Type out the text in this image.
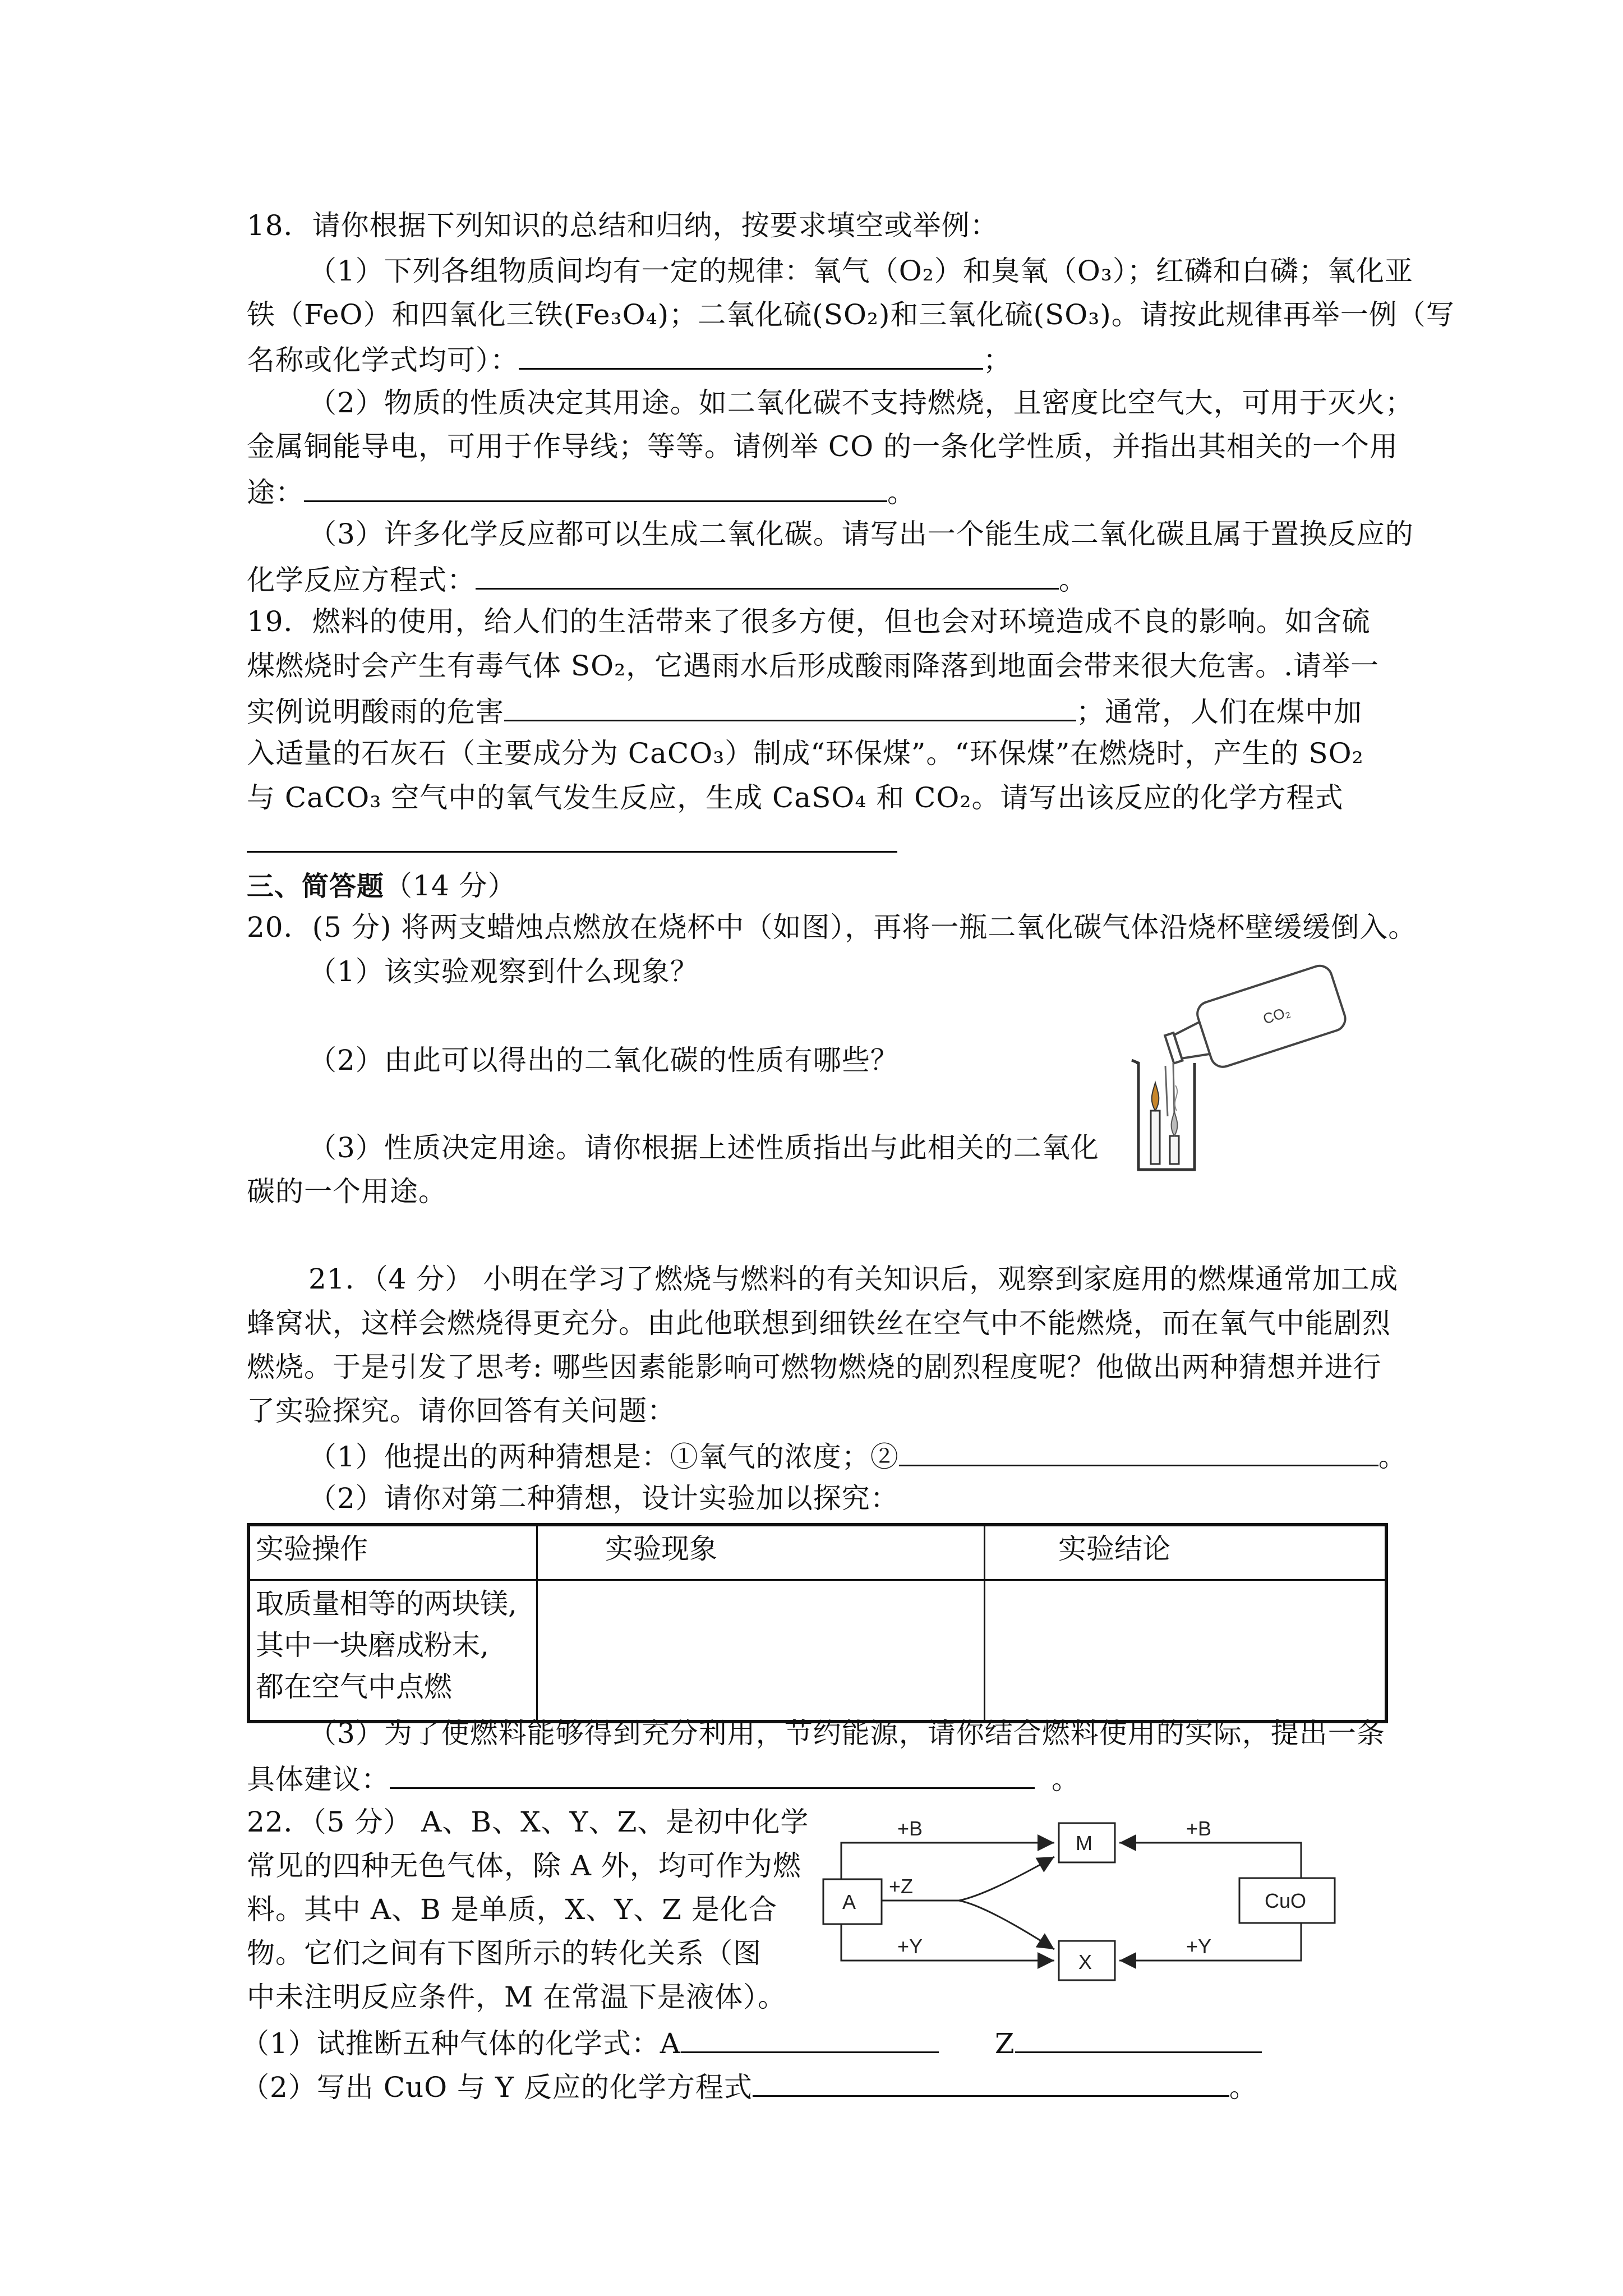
18．请你根据下列知识的总结和归纳，按要求填空或举例：
（1）下列各组物质间均有一定的规律：氧气（O₂）和臭氧（O₃）；红磷和白磷；氧化亚
铁（FeO）和四氧化三铁(Fe₃O₄)；二氧化硫(SO₂)和三氧化硫(SO₃)。请按此规律再举一例（写
名称或化学式均可）：	；
（2）物质的性质决定其用途。如二氧化碳不支持燃烧，且密度比空气大，可用于灭火；
金属铜能导电，可用于作导线；等等。请例举 CO 的一条化学性质，并指出其相关的一个用
途：	。
（3）许多化学反应都可以生成二氧化碳。请写出一个能生成二氧化碳且属于置换反应的
化学反应方程式：	。
19．燃料的使用，给人们的生活带来了很多方便，但也会对环境造成不良的影响。如含硫
煤燃烧时会产生有毒气体 SO₂，它遇雨水后形成酸雨降落到地面会带来很大危害。.请举一
实例说明酸雨的危害	；通常，人们在煤中加
入适量的石灰石（主要成分为 CaCO₃）制成“环保煤”。“环保煤”在燃烧时，产生的 SO₂
与 CaCO₃ 空气中的氧气发生反应，生成 CaSO₄ 和 CO₂。请写出该反应的化学方程式
三、简答题（14 分）
20．(5 分) 将两支蜡烛点燃放在烧杯中（如图），再将一瓶二氧化碳气体沿烧杯壁缓缓倒入。
（1）该实验观察到什么现象？
（2）由此可以得出的二氧化碳的性质有哪些？
（3）性质决定用途。请你根据上述性质指出与此相关的二氧化
碳的一个用途。
CO₂
21．（4 分） 小明在学习了燃烧与燃料的有关知识后，观察到家庭用的燃煤通常加工成
蜂窝状，这样会燃烧得更充分。由此他联想到细铁丝在空气中不能燃烧，而在氧气中能剧烈
燃烧。于是引发了思考: 哪些因素能影响可燃物燃烧的剧烈程度呢？他做出两种猜想并进行
了实验探究。请你回答有关问题：
（1）他提出的两种猜想是：①氧气的浓度；②	。
（2）请你对第二种猜想，设计实验加以探究：
实验操作	实验现象	实验结论

取质量相等的两块镁,
其中一块磨成粉末,
都在空气中点燃		

（3）为了使燃料能够得到充分利用，节约能源，请你结合燃料使用的实际，提出一条
具体建议：	。
22．（5 分） A、B、X、Y、Z、是初中化学
常见的四种无色气体，除 A 外，均可作为燃
料。其中 A、B 是单质，X、Y、Z 是化合
物。它们之间有下图所示的转化关系（图
中未注明反应条件，M 在常温下是液体）。
（1）试推断五种气体的化学式：A	Z
（2）写出 CuO 与 Y 反应的化学方程式	。
A
M
X
CuO
+B
+Z
+Y
+B
+Y
